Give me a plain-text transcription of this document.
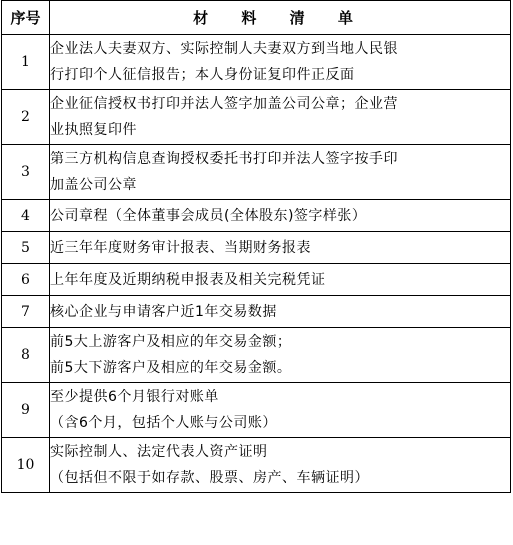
序号	材 料 清 单
1	企业法人夫妻双方、实际控制人夫妻双方到当地人民银
行打印个人征信报告；本人身份证复印件正反面

2	企业征信授权书打印并法人签字加盖公司公章；企业营
业执照复印件

3	第三方机构信息查询授权委托书打印并法人签字按手印
加盖公司公章

4	公司章程（全体董事会成员(全体股东)签字样张）

5	近三年年度财务审计报表、当期财务报表

6	上年年度及近期纳税申报表及相关完税凭证

7	核心企业与申请客户近1年交易数据

8	前5大上游客户及相应的年交易金额；
前5大下游客户及相应的年交易金额。

9	至少提供6个月银行对账单
（含6个月，包括个人账与公司账）

10	实际控制人、法定代表人资产证明
（包括但不限于如存款、股票、房产、车辆证明）
